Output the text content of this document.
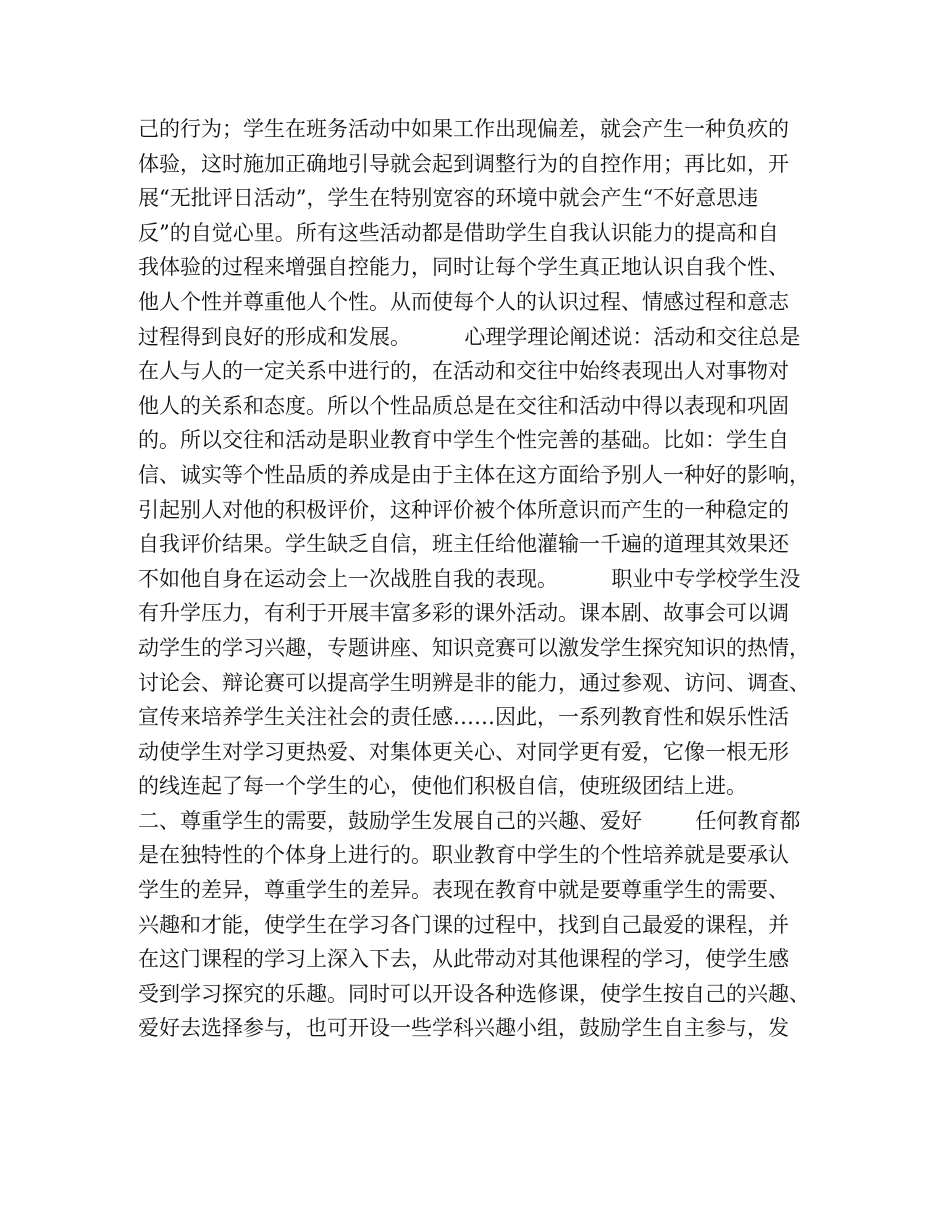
己的行为；学生在班务活动中如果工作出现偏差，就会产生一种负疚的
体验，这时施加正确地引导就会起到调整行为的自控作用；再比如，开
展“无批评日活动”，学生在特别宽容的环境中就会产生“不好意思违
反”的自觉心里。所有这些活动都是借助学生自我认识能力的提高和自
我体验的过程来增强自控能力，同时让每个学生真正地认识自我个性、
他人个性并尊重他人个性。从而使每个人的认识过程、情感过程和意志
过程得到良好的形成和发展。        心理学理论阐述说：活动和交往总是
在人与人的一定关系中进行的，在活动和交往中始终表现出人对事物对
他人的关系和态度。所以个性品质总是在交往和活动中得以表现和巩固
的。所以交往和活动是职业教育中学生个性完善的基础。比如：学生自
信、诚实等个性品质的养成是由于主体在这方面给予别人一种好的影响，
引起别人对他的积极评价，这种评价被个体所意识而产生的一种稳定的
自我评价结果。学生缺乏自信，班主任给他灌输一千遍的道理其效果还
不如他自身在运动会上一次战胜自我的表现。        职业中专学校学生没
有升学压力，有利于开展丰富多彩的课外活动。课本剧、故事会可以调
动学生的学习兴趣，专题讲座、知识竞赛可以激发学生探究知识的热情，
讨论会、辩论赛可以提高学生明辨是非的能力，通过参观、访问、调查、
宣传来培养学生关注社会的责任感……因此，一系列教育性和娱乐性活
动使学生对学习更热爱、对集体更关心、对同学更有爱，它像一根无形
的线连起了每一个学生的心，使他们积极自信，使班级团结上进。
二、尊重学生的需要，鼓励学生发展自己的兴趣、爱好        任何教育都
是在独特性的个体身上进行的。职业教育中学生的个性培养就是要承认
学生的差异，尊重学生的差异。表现在教育中就是要尊重学生的需要、
兴趣和才能，使学生在学习各门课的过程中，找到自己最爱的课程，并
在这门课程的学习上深入下去，从此带动对其他课程的学习，使学生感
受到学习探究的乐趣。同时可以开设各种选修课，使学生按自己的兴趣、
爱好去选择参与，也可开设一些学科兴趣小组，鼓励学生自主参与，发
